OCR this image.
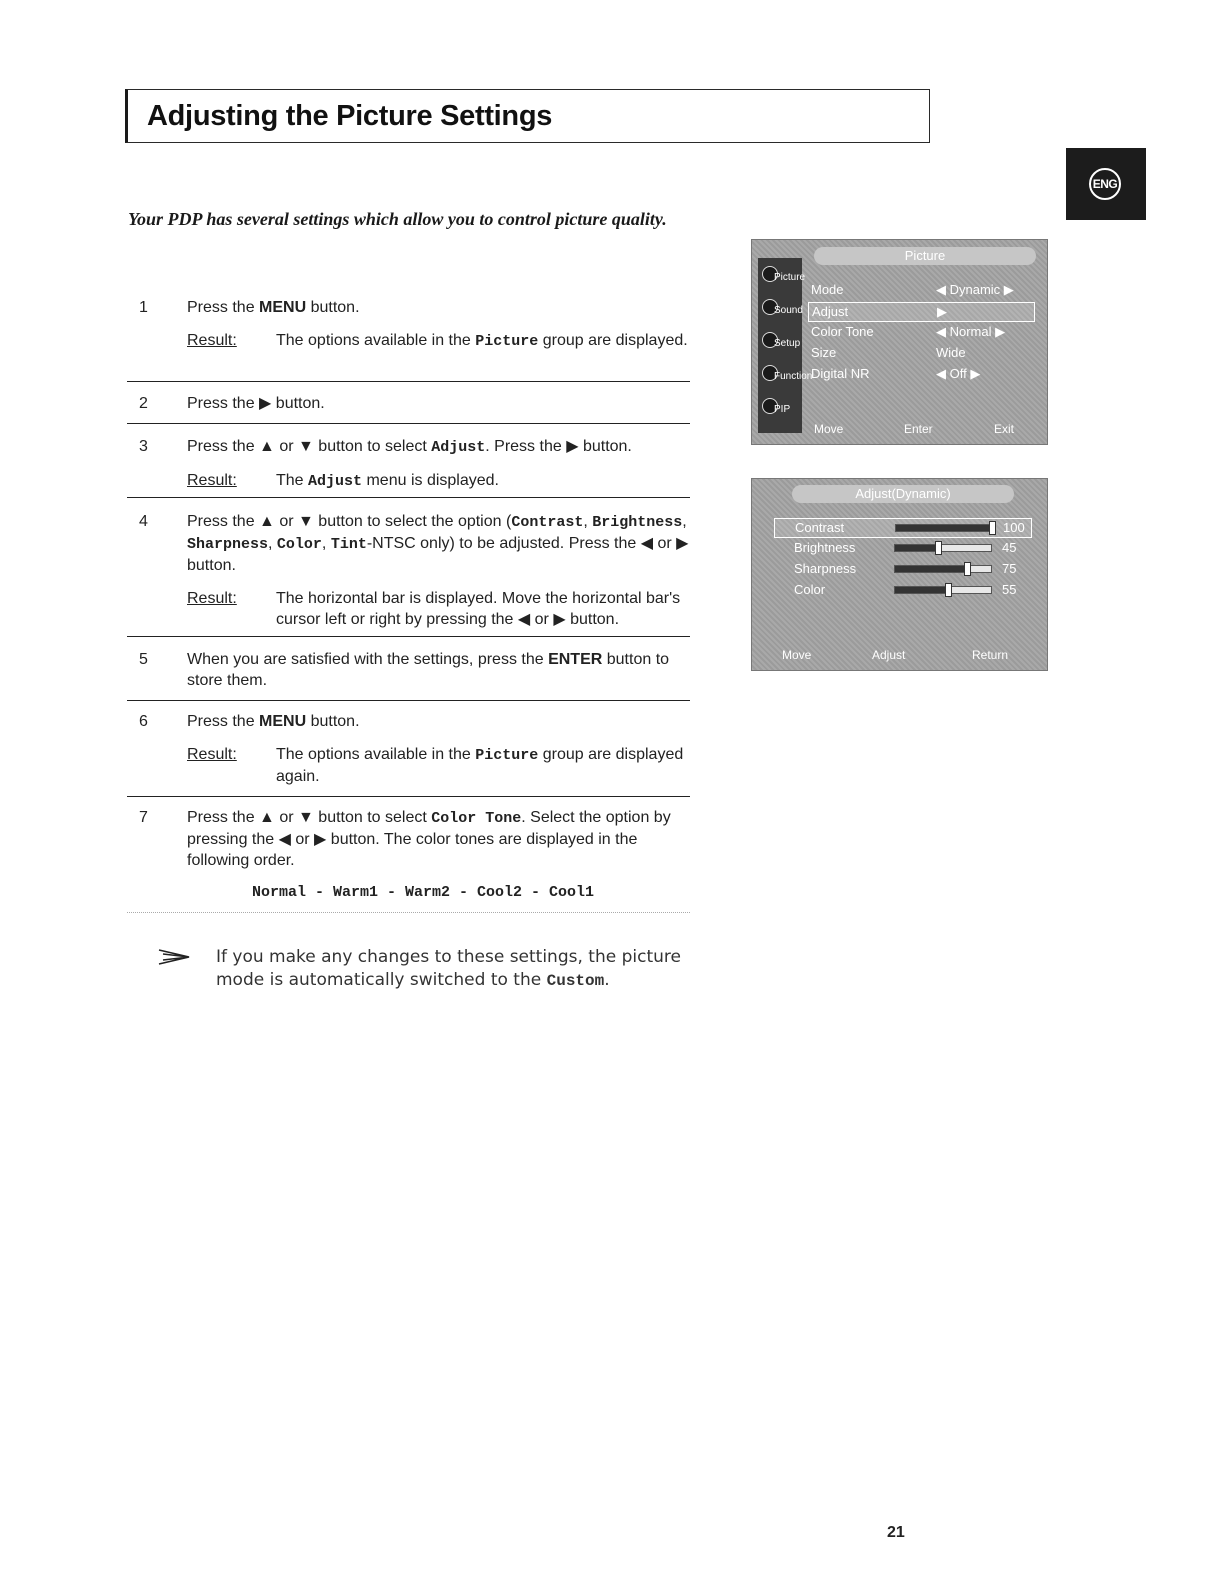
Adjusting the Picture Settings
ENG
Your PDP has several settings which allow you to control picture quality.
1	Press the MENU button.
Result:	The options available in the Picture group are displayed.
2	Press the ▶ button.
3	Press the ▲ or ▼ button to select Adjust. Press the ▶ button.
Result:	The Adjust menu is displayed.
4	Press the ▲ or ▼ button to select the option (Contrast, Brightness, Sharpness, Color, Tint-NTSC only) to be adjusted. Press the ◀ or ▶ button.
Result:	The horizontal bar is displayed. Move the horizontal bar's cursor left or right by pressing the ◀ or ▶ button.
5	When you are satisfied with the settings, press the ENTER button to store them.
6	Press the MENU button.
Result:	The options available in the Picture group are displayed again.
7	Press the ▲ or ▼ button to select Color Tone. Select the option by pressing the ◀ or ▶ button. The color tones are displayed in the following order.
Normal - Warm1 - Warm2 - Cool2 - Cool1
If you make any changes to these settings, the picture mode is automatically switched to the Custom.
Picture
Picture
Sound
Setup
Function
PIP
Mode	◀ Dynamic ▶
Adjust	▶
Color Tone	◀ Normal ▶
Size	Wide
Digital NR	◀ Off ▶
Move	Enter	Exit
Adjust(Dynamic)
Contrast	100
Brightness	45
Sharpness	75
Color	55
Move	Adjust	Return
21
